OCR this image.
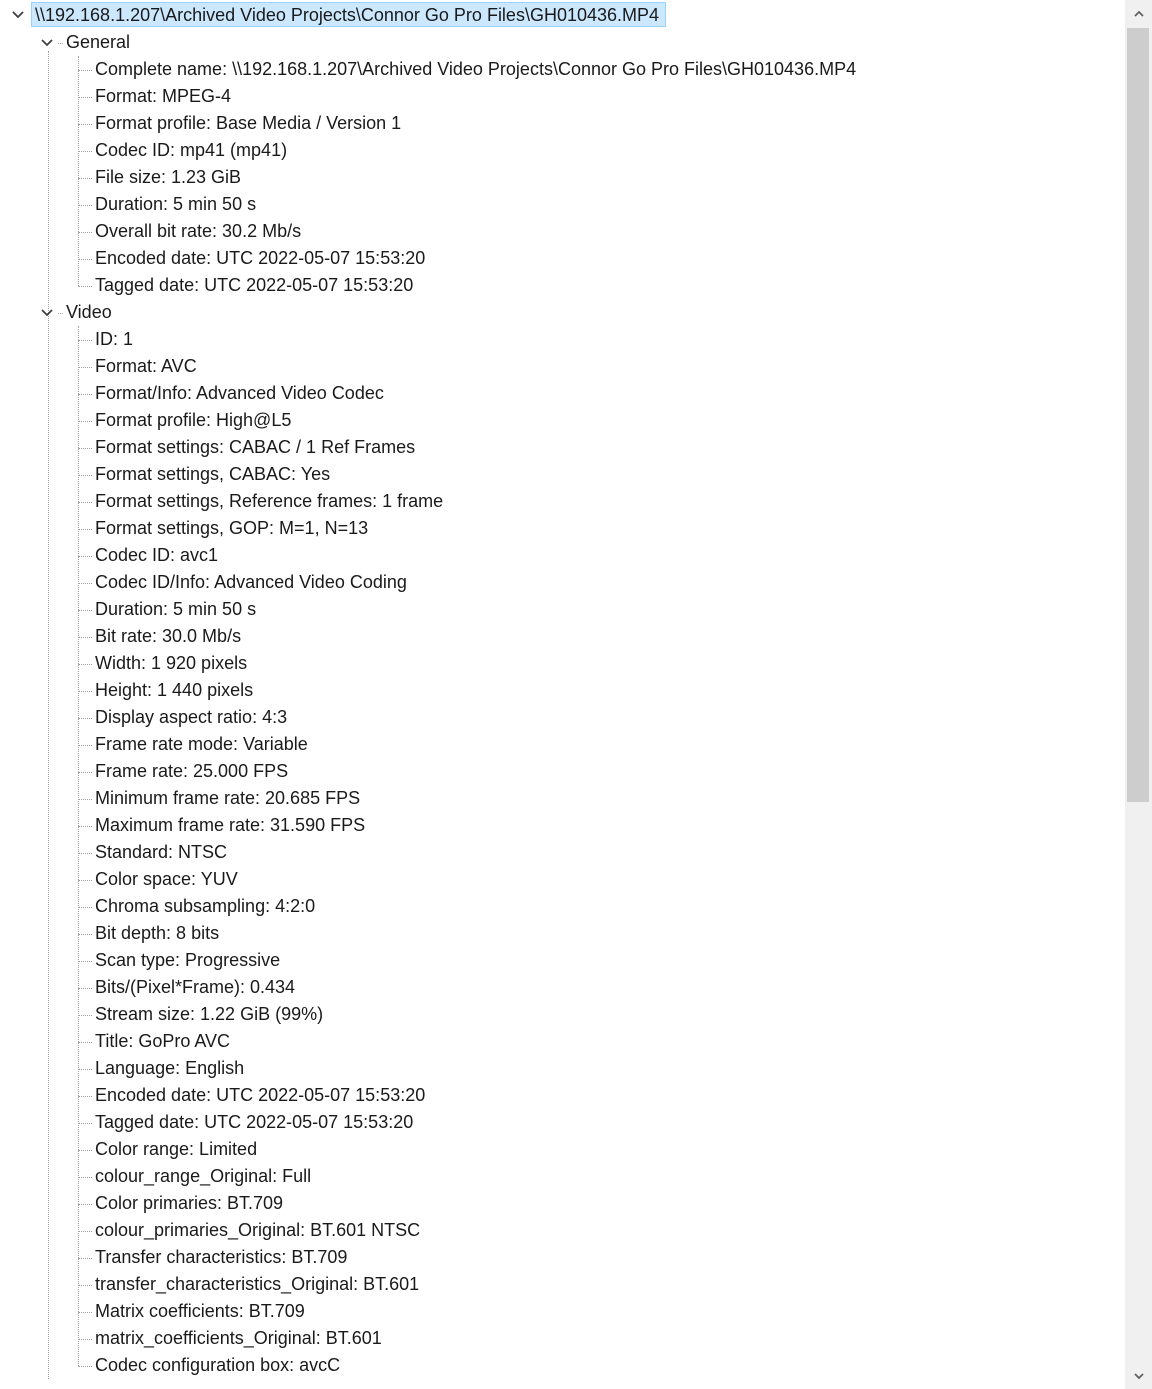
\\192.168.1.207\Archived Video Projects\Connor Go Pro Files\GH010436.MP4
General
Complete name: \\192.168.1.207\Archived Video Projects\Connor Go Pro Files\GH010436.MP4
Format: MPEG-4
Format profile: Base Media / Version 1
Codec ID: mp41 (mp41)
File size: 1.23 GiB
Duration: 5 min 50 s
Overall bit rate: 30.2 Mb/s
Encoded date: UTC 2022-05-07 15:53:20
Tagged date: UTC 2022-05-07 15:53:20
Video
ID: 1
Format: AVC
Format/Info: Advanced Video Codec
Format profile: High@L5
Format settings: CABAC / 1 Ref Frames
Format settings, CABAC: Yes
Format settings, Reference frames: 1 frame
Format settings, GOP: M=1, N=13
Codec ID: avc1
Codec ID/Info: Advanced Video Coding
Duration: 5 min 50 s
Bit rate: 30.0 Mb/s
Width: 1 920 pixels
Height: 1 440 pixels
Display aspect ratio: 4:3
Frame rate mode: Variable
Frame rate: 25.000 FPS
Minimum frame rate: 20.685 FPS
Maximum frame rate: 31.590 FPS
Standard: NTSC
Color space: YUV
Chroma subsampling: 4:2:0
Bit depth: 8 bits
Scan type: Progressive
Bits/(Pixel*Frame): 0.434
Stream size: 1.22 GiB (99%)
Title: GoPro AVC
Language: English
Encoded date: UTC 2022-05-07 15:53:20
Tagged date: UTC 2022-05-07 15:53:20
Color range: Limited
colour_range_Original: Full
Color primaries: BT.709
colour_primaries_Original: BT.601 NTSC
Transfer characteristics: BT.709
transfer_characteristics_Original: BT.601
Matrix coefficients: BT.709
matrix_coefficients_Original: BT.601
Codec configuration box: avcC
